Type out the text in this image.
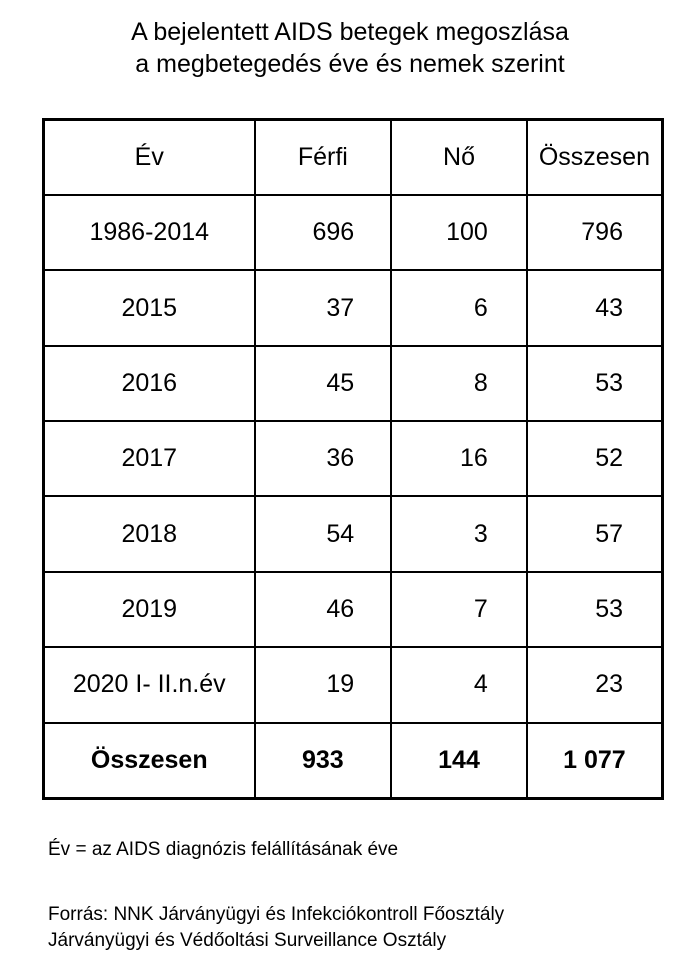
A bejelentett AIDS betegek megoszlása
a megbetegedés éve és nemek szerint
Év	Férfi	Nő	Összesen
1986-2014	696	100	796
2015	37	6	43
2016	45	8	53
2017	36	16	52
2018	54	3	57
2019	46	7	53
2020 I- II.n.év	19	4	23
Összesen	933	144	1 077
Év = az AIDS diagnózis felállításának éve
Forrás: NNK Járványügyi és Infekciókontroll Főosztály
Járványügyi és Védőoltási Surveillance Osztály
